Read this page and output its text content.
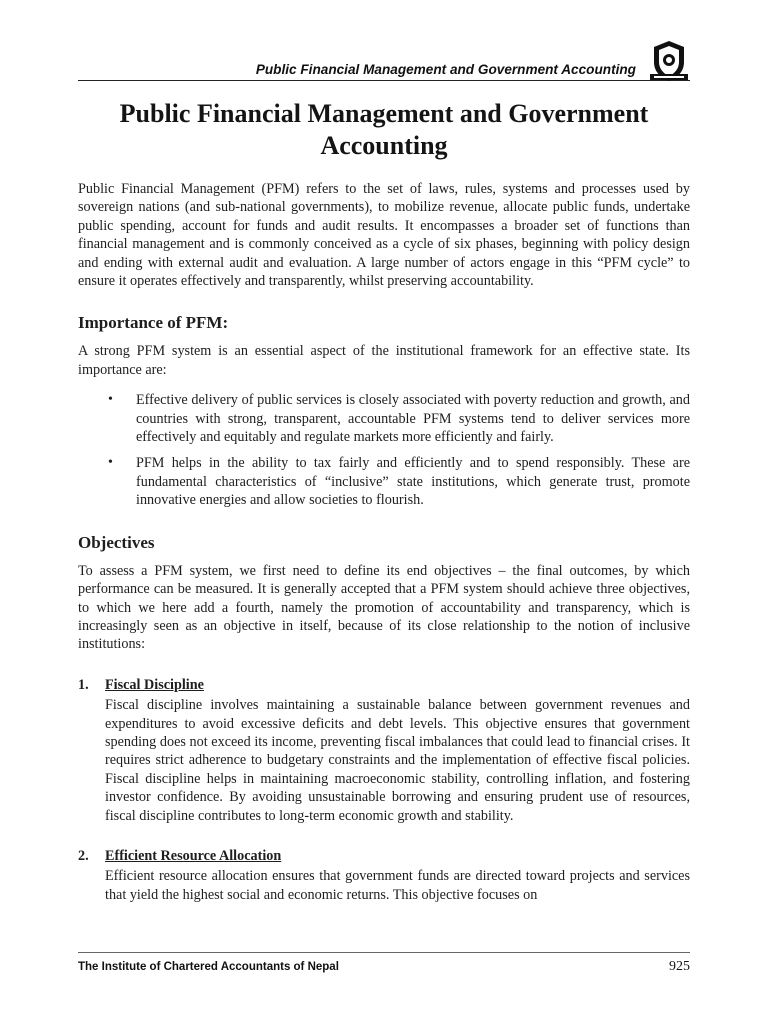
Public Financial Management and Government Accounting
Public Financial Management and Government Accounting

Public Financial Management (PFM) refers to the set of laws, rules, systems and processes used by sovereign nations (and sub-national governments), to mobilize revenue, allocate public funds, undertake public spending, account for funds and audit results. It encompasses a broader set of functions than financial management and is commonly conceived as a cycle of six phases, beginning with policy design and ending with external audit and evaluation. A large number of actors engage in this “PFM cycle” to ensure it operates effectively and transparently, whilst preserving accountability.

Importance of PFM:

A strong PFM system is an essential aspect of the institutional framework for an effective state. Its importance are:

• Effective delivery of public services is closely associated with poverty reduction and growth, and countries with strong, transparent, accountable PFM systems tend to deliver services more effectively and equitably and regulate markets more efficiently and fairly.

• PFM helps in the ability to tax fairly and efficiently and to spend responsibly. These are fundamental characteristics of “inclusive” state institutions, which generate trust, promote innovative energies and allow societies to flourish.

Objectives

To assess a PFM system, we first need to define its end objectives – the final outcomes, by which performance can be measured. It is generally accepted that a PFM system should achieve three objectives, to which we here add a fourth, namely the promotion of accountability and transparency, which is increasingly seen as an objective in itself, because of its close relationship to the notion of inclusive institutions:

1. Fiscal Discipline

Fiscal discipline involves maintaining a sustainable balance between government revenues and expenditures to avoid excessive deficits and debt levels. This objective ensures that government spending does not exceed its income, preventing fiscal imbalances that could lead to financial crises. It requires strict adherence to budgetary constraints and the implementation of effective fiscal policies. Fiscal discipline helps in maintaining macroeconomic stability, controlling inflation, and fostering investor confidence. By avoiding unsustainable borrowing and ensuring prudent use of resources, fiscal discipline contributes to long-term economic growth and stability.

2. Efficient Resource Allocation

Efficient resource allocation ensures that government funds are directed toward projects and services that yield the highest social and economic returns. This objective focuses on

The Institute of Chartered Accountants of Nepal	925
